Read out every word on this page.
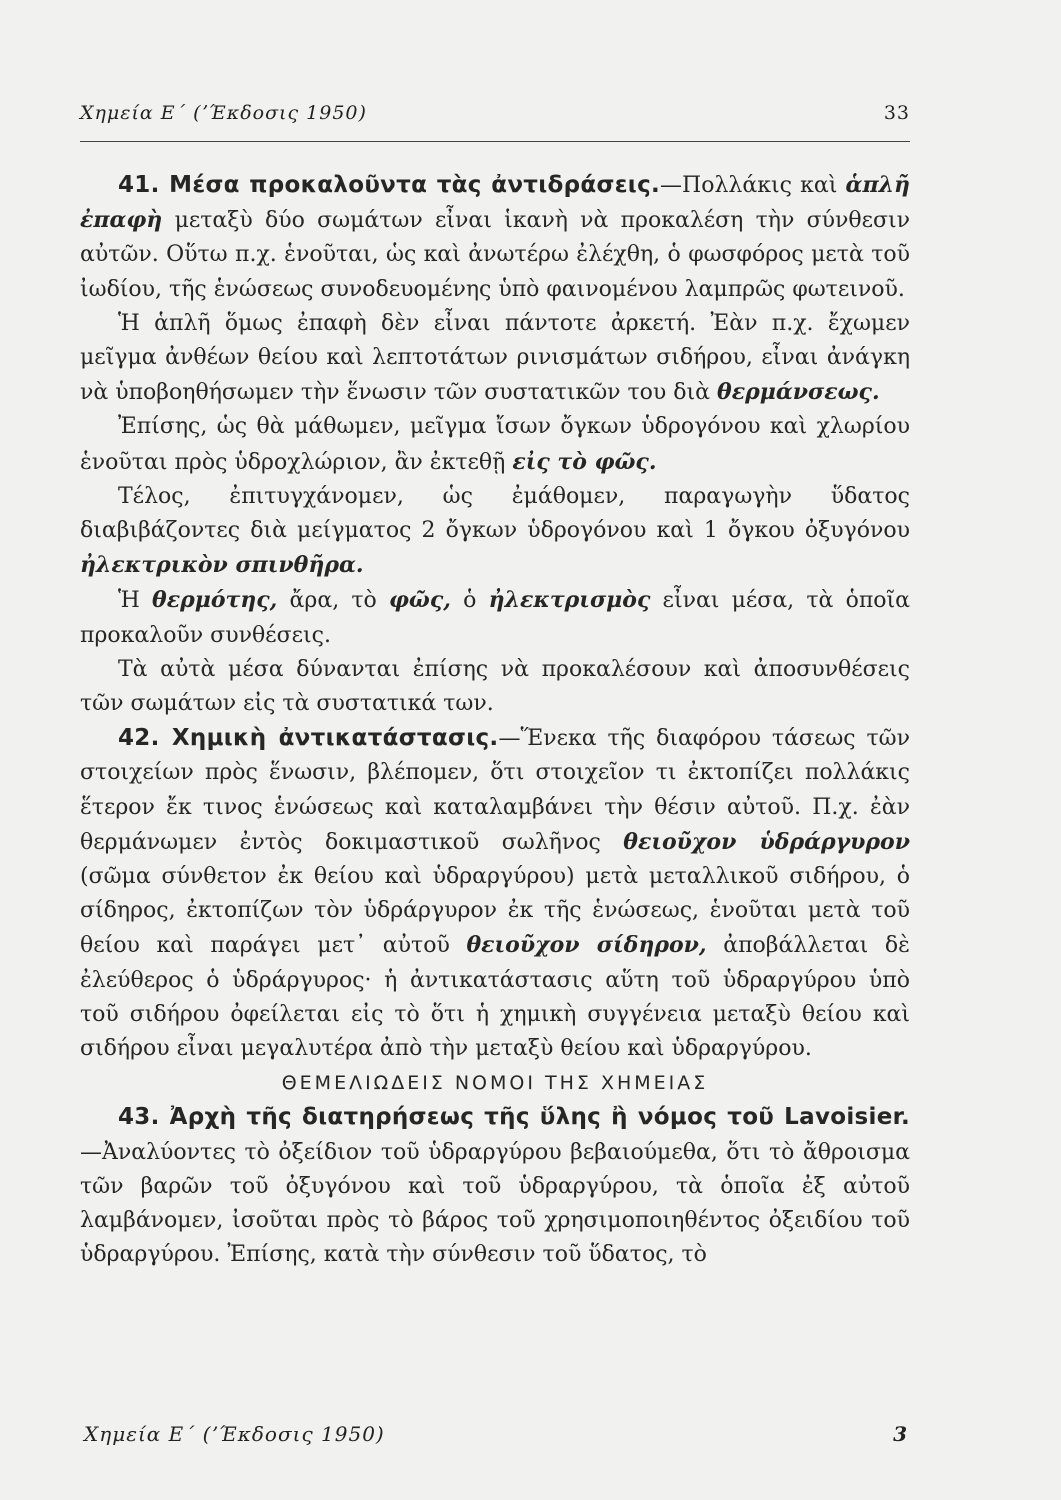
Χημεία Ε΄ (ʼΈκδοσις 1950)	33

41. Μέσα προκαλοῦντα τὰς ἀντιδράσεις.—Πολλάκις καὶ ἁπλῆ ἐπαφὴ μεταξὺ δύο σωμάτων εἶναι ἱκανὴ νὰ προκαλέση τὴν σύνθεσιν αὐτῶν. Οὕτω π.χ. ἑνοῦται, ὡς καὶ ἀνωτέρω ἐλέχθη, ὁ φωσφόρος μετὰ τοῦ ἰωδίου, τῆς ἑνώσεως συνοδευομένης ὑπὸ φαινομένου λαμπρῶς φωτεινοῦ.

Ἡ ἁπλῆ ὅμως ἐπαφὴ δὲν εἶναι πάντοτε ἀρκετή. Ἐὰν π.χ. ἔχωμεν μεῖγμα ἀνθέων θείου καὶ λεπτοτάτων ρινισμάτων σιδήρου, εἶναι ἀνάγκη νὰ ὑποβοηθήσωμεν τὴν ἕνωσιν τῶν συστατικῶν του διὰ θερμάνσεως.

Ἐπίσης, ὡς θὰ μάθωμεν, μεῖγμα ἴσων ὄγκων ὑδρογόνου καὶ χλωρίου ἑνοῦται πρὸς ὑδροχλώριον, ἂν ἐκτεθῇ εἰς τὸ φῶς.

Τέλος, ἐπιτυγχάνομεν, ὡς ἐμάθομεν, παραγωγὴν ὕδατος διαβιβάζοντες διὰ μείγματος 2 ὄγκων ὑδρογόνου καὶ 1 ὄγκου ὀξυγόνου ἠλεκτρικὸν σπινθῆρα.

Ἡ θερμότης, ἄρα, τὸ φῶς, ὁ ἠλεκτρισμὸς εἶναι μέσα, τὰ ὁποῖα προκαλοῦν συνθέσεις.

Τὰ αὐτὰ μέσα δύνανται ἐπίσης νὰ προκαλέσουν καὶ ἀποσυνθέσεις τῶν σωμάτων εἰς τὰ συστατικά των.

42. Χημικὴ ἀντικατάστασις.—Ἕνεκα τῆς διαφόρου τάσεως τῶν στοιχείων πρὸς ἕνωσιν, βλέπομεν, ὅτι στοιχεῖον τι ἐκτοπίζει πολλάκις ἕτερον ἔκ τινος ἑνώσεως καὶ καταλαμβάνει τὴν θέσιν αὐτοῦ. Π.χ. ἐὰν θερμάνωμεν ἐντὸς δοκιμαστικοῦ σωλῆνος θειοῦχον ὑδράργυρον (σῶμα σύνθετον ἐκ θείου καὶ ὑδραργύρου) μετὰ μεταλλικοῦ σιδήρου, ὁ σίδηρος, ἐκτοπίζων τὸν ὑδράργυρον ἐκ τῆς ἑνώσεως, ἑνοῦται μετὰ τοῦ θείου καὶ παράγει μετ᾽ αὐτοῦ θειοῦχον σίδηρον, ἀποβάλλεται δὲ ἐλεύθερος ὁ ὑδράργυρος· ἡ ἀντικατάστασις αὕτη τοῦ ὑδραργύρου ὑπὸ τοῦ σιδήρου ὀφείλεται εἰς τὸ ὅτι ἡ χημικὴ συγγένεια μεταξὺ θείου καὶ σιδήρου εἶναι μεγαλυτέρα ἀπὸ τὴν μεταξὺ θείου καὶ ὑδραργύρου.

ΘΕΜΕΛΙΩΔΕΙΣ ΝΟΜΟΙ ΤΗΣ ΧΗΜΕΙΑΣ

43. Ἀρχὴ τῆς διατηρήσεως τῆς ὕλης ἢ νόμος τοῦ Lavoisier.—Ἀναλύοντες τὸ ὀξείδιον τοῦ ὑδραργύρου βεβαιούμεθα, ὅτι τὸ ἄθροισμα τῶν βαρῶν τοῦ ὀξυγόνου καὶ τοῦ ὑδραργύρου, τὰ ὁποῖα ἐξ αὐτοῦ λαμβάνομεν, ἰσοῦται πρὸς τὸ βάρος τοῦ χρησιμοποιηθέντος ὀξειδίου τοῦ ὑδραργύρου. Ἐπίσης, κατὰ τὴν σύνθεσιν τοῦ ὕδατος, τὸ

Χημεία Ε΄ (ʼΈκδοσις 1950)	3
